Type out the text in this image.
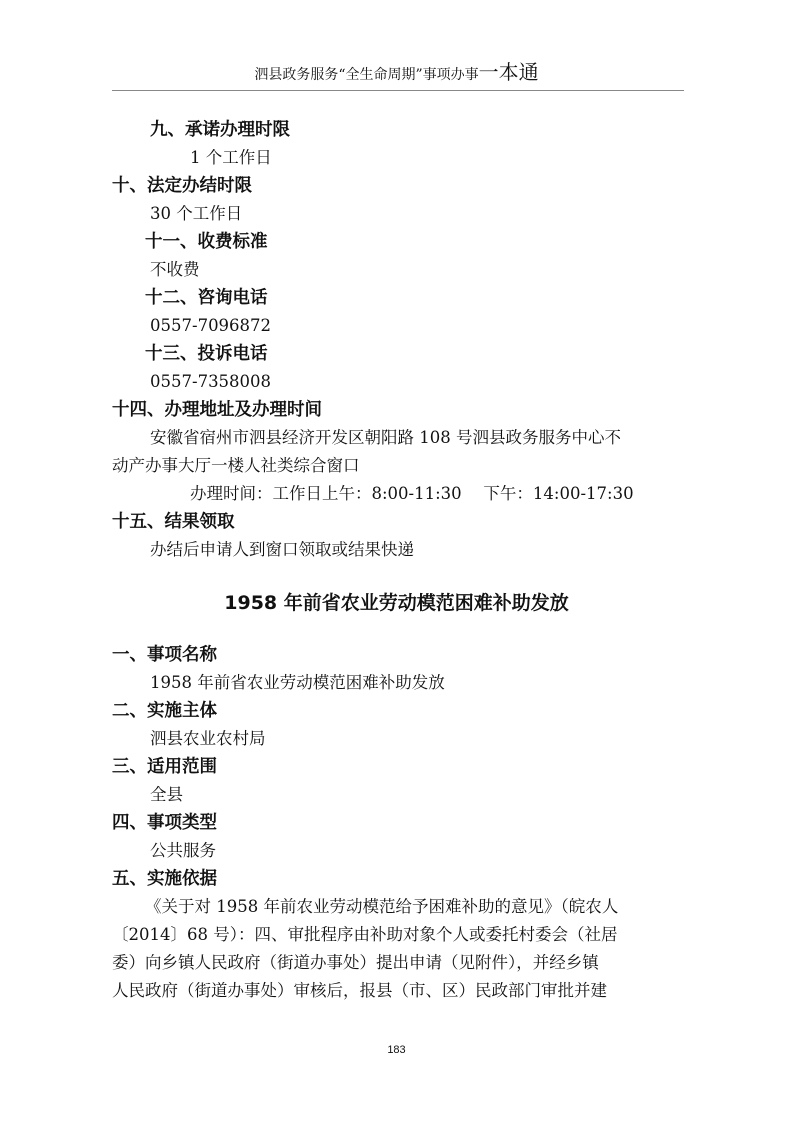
泗县政务服务“全生命周期”事项办事一本通
九、承诺办理时限
1 个工作日
十、法定办结时限
30 个工作日
十一、收费标准
不收费
十二、咨询电话
0557-7096872
十三、投诉电话
0557-7358008
十四、办理地址及办理时间
安徽省宿州市泗县经济开发区朝阳路 108 号泗县政务服务中心不
动产办事大厅一楼人社类综合窗口
办理时间：工作日上午：8:00-11:30　 下午：14:00-17:30
十五、结果领取
办结后申请人到窗口领取或结果快递
1958 年前省农业劳动模范困难补助发放
一、事项名称
1958 年前省农业劳动模范困难补助发放
二、实施主体
泗县农业农村局
三、适用范围
全县
四、事项类型
公共服务
五、实施依据
《关于对 1958 年前农业劳动模范给予困难补助的意见》（皖农人
〔2014〕68 号）：四、审批程序由补助对象个人或委托村委会（社居
委）向乡镇人民政府（街道办事处）提出申请（见附件），并经乡镇
人民政府（街道办事处）审核后，报县（市、区）民政部门审批并建
183
